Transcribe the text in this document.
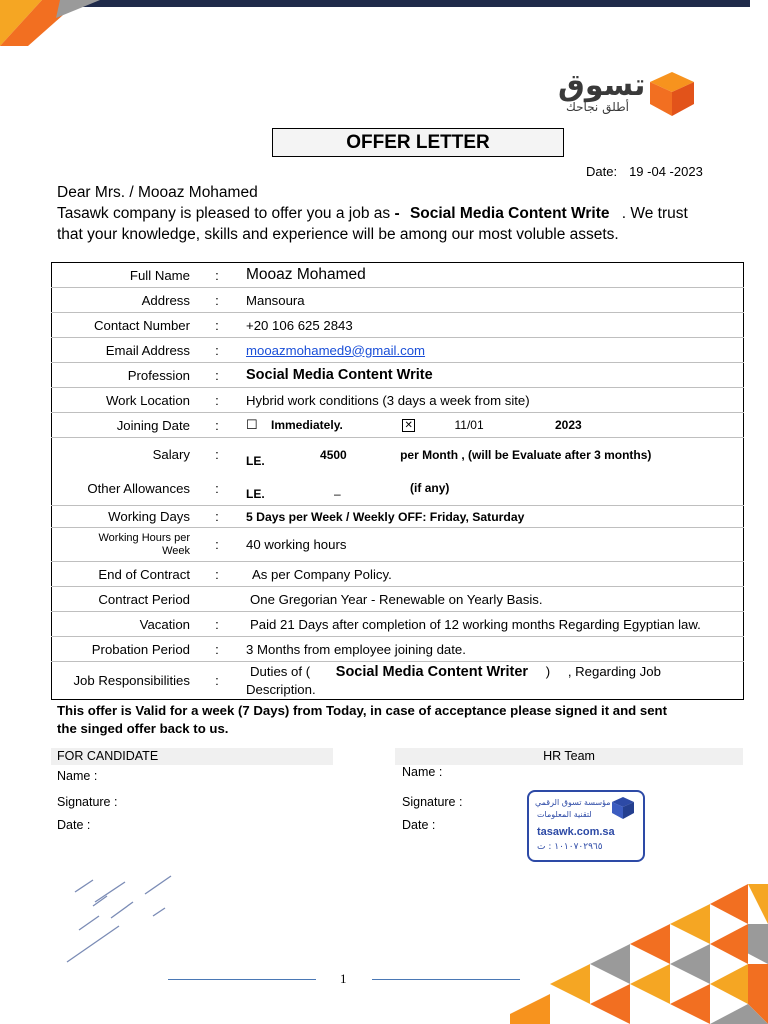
تسوق
أطلق نجاحك
OFFER LETTER
Date: 19 -04 -2023
Dear Mrs. / Mooaz Mohamed
Tasawk company is pleased to offer you a job as - Social Media Content Write . We trust
that your knowledge, skills and experience will be among our most voluble assets.
Full Name	:	Mooaz Mohamed
Address	:	Mansoura
Contact Number	:	+20 106 625 2843
Email Address	:	mooazmohamed9@gmail.com
Profession	:	Social Media Content Write
Work Location	:	Hybrid work conditions (3 days a week from site)
Joining Date	:	☐ Immediately. ✕ 11/01 2023
Salary	:	LE. 4500 per Month , (will be Evaluate after 3 months)
Other Allowances	:	LE. – (if any)
Working Days	:	5 Days per Week / Weekly OFF: Friday, Saturday

Working Hours per
Week	:	40 working hours
End of Contract	:	As per Company Policy.
Contract Period		One Gregorian Year - Renewable on Yearly Basis.
Vacation	:	Paid 21 Days after completion of 12 working months Regarding Egyptian law.
Probation Period	:	3 Months from employee joining date.
Job Responsibilities	:	Duties of ( Social Media Content Writer ) , Regarding Job
Description.
This offer is Valid for a week (7 Days) from Today, in case of acceptance please signed it and sent
the singed offer back to us.
FOR CANDIDATE
Name :
Signature :
Date :
HR Team
Name :
Signature :
Date :
مؤسسة تسوق الرقمي
لتقنية المعلومات
tasawk.com.sa
١٠١٠٧٠٢٩٦٥ : ت
1
